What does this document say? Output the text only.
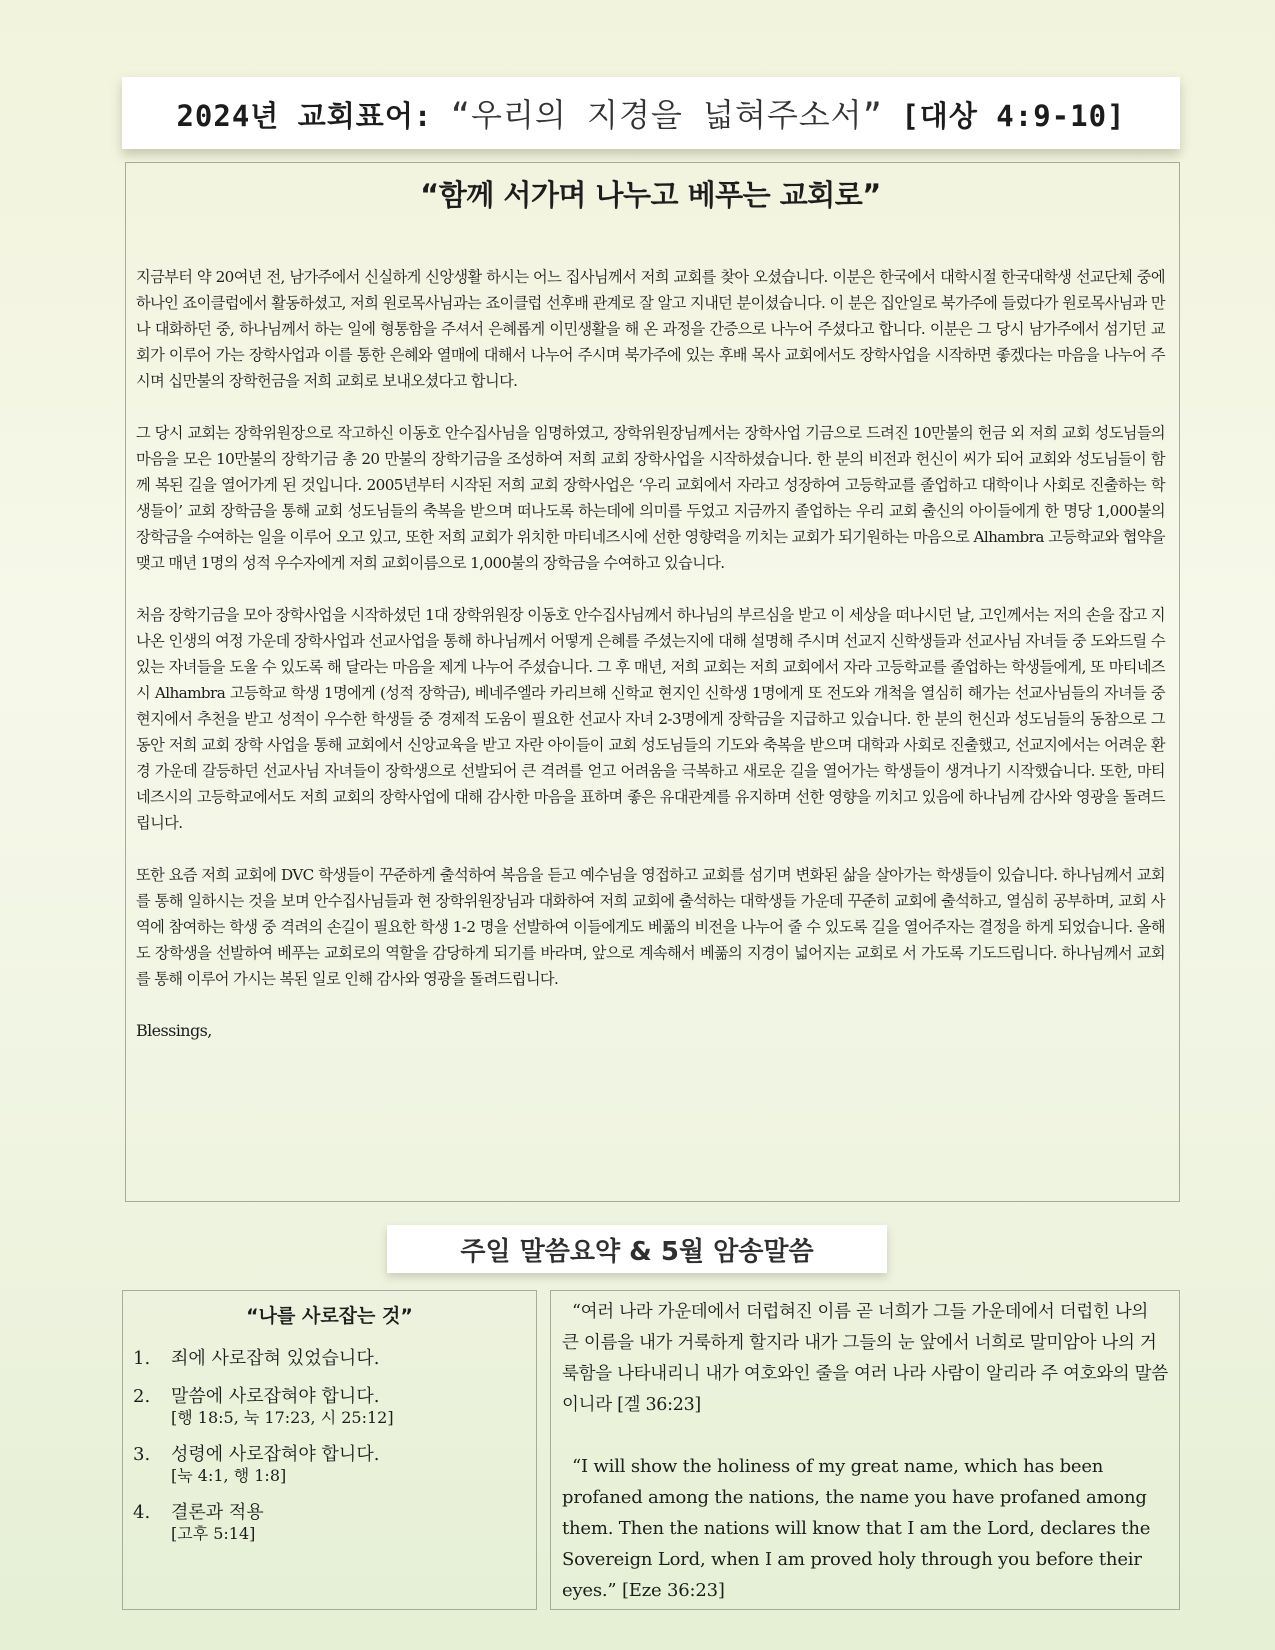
2024년 교회표어: “우리의 지경을 넓혀주소서” [대상 4:9-10]
“함께 서가며 나누고 베푸는 교회로”

지금부터 약 20여년 전, 남가주에서 신실하게 신앙생활 하시는 어느 집사님께서 저희 교회를 찾아 오셨습니다. 이분은 한국에서 대학시절 한국대학생 선교단체 중에 하나인 죠이클럽에서 활동하셨고, 저희 원로목사님과는 죠이클럽 선후배 관계로 잘 알고 지내던 분이셨습니다. 이 분은 집안일로 북가주에 들렀다가 원로목사님과 만나 대화하던 중, 하나님께서 하는 일에 형통함을 주셔서 은혜롭게 이민생활을 해 온 과정을 간증으로 나누어 주셨다고 합니다. 이분은 그 당시 남가주에서 섬기던 교회가 이루어 가는 장학사업과 이를 통한 은혜와 열매에 대해서 나누어 주시며 북가주에 있는 후배 목사 교회에서도 장학사업을 시작하면 좋겠다는 마음을 나누어 주시며 십만불의 장학헌금을 저희 교회로 보내오셨다고 합니다.

그 당시 교회는 장학위원장으로 작고하신 이동호 안수집사님을 임명하였고, 장학위원장님께서는 장학사업 기금으로 드려진 10만불의 헌금 외 저희 교회 성도님들의 마음을 모은 10만불의 장학기금 총 20 만불의 장학기금을 조성하여 저희 교회 장학사업을 시작하셨습니다. 한 분의 비전과 헌신이 씨가 되어 교회와 성도님들이 함께 복된 길을 열어가게 된 것입니다. 2005년부터 시작된 저희 교회 장학사업은 ‘우리 교회에서 자라고 성장하여 고등학교를 졸업하고 대학이나 사회로 진출하는 학생들이’ 교회 장학금을 통해 교회 성도님들의 축복을 받으며 떠나도록 하는데에 의미를 두었고 지금까지 졸업하는 우리 교회 출신의 아이들에게 한 명당 1,000불의 장학금을 수여하는 일을 이루어 오고 있고, 또한 저희 교회가 위치한 마티네즈시에 선한 영향력을 끼치는 교회가 되기원하는 마음으로 Alhambra 고등학교와 협약을 맺고 매년 1명의 성적 우수자에게 저희 교회이름으로 1,000불의 장학금을 수여하고 있습니다.

처음 장학기금을 모아 장학사업을 시작하셨던 1대 장학위원장 이동호 안수집사님께서 하나님의 부르심을 받고 이 세상을 떠나시던 날, 고인께서는 저의 손을 잡고 지나온 인생의 여정 가운데 장학사업과 선교사업을 통해 하나님께서 어떻게 은혜를 주셨는지에 대해 설명해 주시며 선교지 신학생들과 선교사님 자녀들 중 도와드릴 수 있는 자녀들을 도울 수 있도록 해 달라는 마음을 제게 나누어 주셨습니다. 그 후 매년, 저희 교회는 저희 교회에서 자라 고등학교를 졸업하는 학생들에게, 또 마티네즈시 Alhambra 고등학교 학생 1명에게 (성적 장학금), 베네주엘라 카리브해 신학교 현지인 신학생 1명에게 또 전도와 개척을 열심히 해가는 선교사님들의 자녀들 중 현지에서 추천을 받고 성적이 우수한 학생들 중 경제적 도움이 필요한 선교사 자녀 2-3명에게 장학금을 지급하고 있습니다. 한 분의 헌신과 성도님들의 동참으로 그동안 저희 교회 장학 사업을 통해 교회에서 신앙교육을 받고 자란 아이들이 교회 성도님들의 기도와 축복을 받으며 대학과 사회로 진출했고, 선교지에서는 어려운 환경 가운데 갈등하던 선교사님 자녀들이 장학생으로 선발되어 큰 격려를 얻고 어려움을 극복하고 새로운 길을 열어가는 학생들이 생겨나기 시작했습니다. 또한, 마티네즈시의 고등학교에서도 저희 교회의 장학사업에 대해 감사한 마음을 표하며 좋은 유대관계를 유지하며 선한 영향을 끼치고 있음에 하나님께 감사와 영광을 돌려드립니다.

또한 요즘 저희 교회에 DVC 학생들이 꾸준하게 출석하여 복음을 듣고 예수님을 영접하고 교회를 섬기며 변화된 삶을 살아가는 학생들이 있습니다. 하나님께서 교회를 통해 일하시는 것을 보며 안수집사님들과 현 장학위원장님과 대화하여 저희 교회에 출석하는 대학생들 가운데 꾸준히 교회에 출석하고, 열심히 공부하며, 교회 사역에 참여하는 학생 중 격려의 손길이 필요한 학생 1-2 명을 선발하여 이들에게도 베풂의 비전을 나누어 줄 수 있도록 길을 열어주자는 결정을 하게 되었습니다. 올해도 장학생을 선발하여 베푸는 교회로의 역할을 감당하게 되기를 바라며, 앞으로 계속해서 베풂의 지경이 넓어지는 교회로 서 가도록 기도드립니다. 하나님께서 교회를 통해 이루어 가시는 복된 일로 인해 감사와 영광을 돌려드립니다.

Blessings,

주일 말씀요약 & 5월 암송말씀
“나를 사로잡는 것”
1.	죄에 사로잡혀 있었습니다.
2.	말씀에 사로잡혀야 합니다.
[행 18:5, 눅 17:23, 시 25:12]
3.	성령에 사로잡혀야 합니다.
[눅 4:1, 행 1:8]
4.	결론과 적용
[고후 5:14]

“여러 나라 가운데에서 더럽혀진 이름 곧 너희가 그들 가운데에서 더럽힌 나의 큰 이름을 내가 거룩하게 할지라 내가 그들의 눈 앞에서 너희로 말미암아 나의 거룩함을 나타내리니 내가 여호와인 줄을 여러 나라 사람이 알리라 주 여호와의 말씀이니라 [겔 36:23]

“I will show the holiness of my great name, which has been profaned among the nations, the name you have profaned among them. Then the nations will know that I am the Lord, declares the Sovereign Lord, when I am proved holy through you before their eyes.” [Eze 36:23]
